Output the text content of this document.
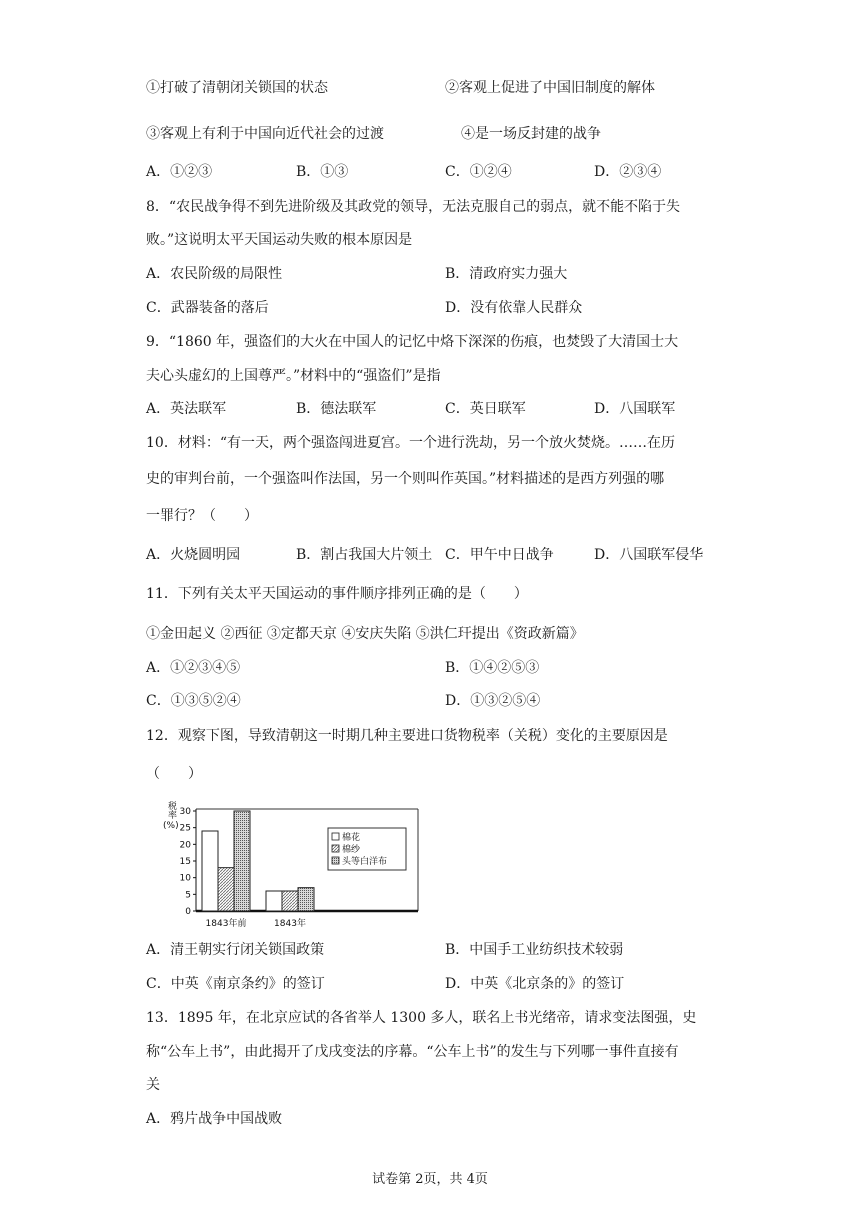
①打破了清朝闭关锁国的状态	②客观上促进了中国旧制度的解体
③客观上有利于中国向近代社会的过渡	④是一场反封建的战争
A．①②③	B．①③	C．①②④	D．②③④
8．“农民战争得不到先进阶级及其政党的领导，无法克服自己的弱点，就不能不陷于失
败。”这说明太平天国运动失败的根本原因是
A．农民阶级的局限性	B．清政府实力强大
C．武器装备的落后	D．没有依靠人民群众
9．“1860 年，强盗们的大火在中国人的记忆中烙下深深的伤痕，也焚毁了大清国士大
夫心头虚幻的上国尊严。”材料中的“强盗们”是指
A．英法联军	B．德法联军	C．英日联军	D．八国联军
10．材料：“有一天，两个强盗闯进夏宫。一个进行洗劫，另一个放火焚烧。……在历
史的审判台前，一个强盗叫作法国，另一个则叫作英国。”材料描述的是西方列强的哪
一罪行？（　　）
A．火烧圆明园	B．割占我国大片领土 C．甲午中日战争	D．八国联军侵华
11．下列有关太平天国运动的事件顺序排列正确的是（　　）
①金田起义 ②西征 ③定都天京 ④安庆失陷 ⑤洪仁玕提出《资政新篇》
A．①②③④⑤	B．①④②⑤③
C．①③⑤②④	D．①③②⑤④
12．观察下图，导致清朝这一时期几种主要进口货物税率（关税）变化的主要原因是
（　　）
税率(%)
0
5
10
15
20
25
30
1843年前	1843年
棉花
棉纱
头等白洋布
A．清王朝实行闭关锁国政策	B．中国手工业纺织技术较弱
C．中英《南京条约》的签订	D．中英《北京条的》的签订
13．1895 年，在北京应试的各省举人 1300 多人，联名上书光绪帝，请求变法图强，史
称“公车上书”，由此揭开了戊戌变法的序幕。“公车上书”的发生与下列哪一事件直接有
关
A．鸦片战争中国战败
试卷第 2页，共 4页
